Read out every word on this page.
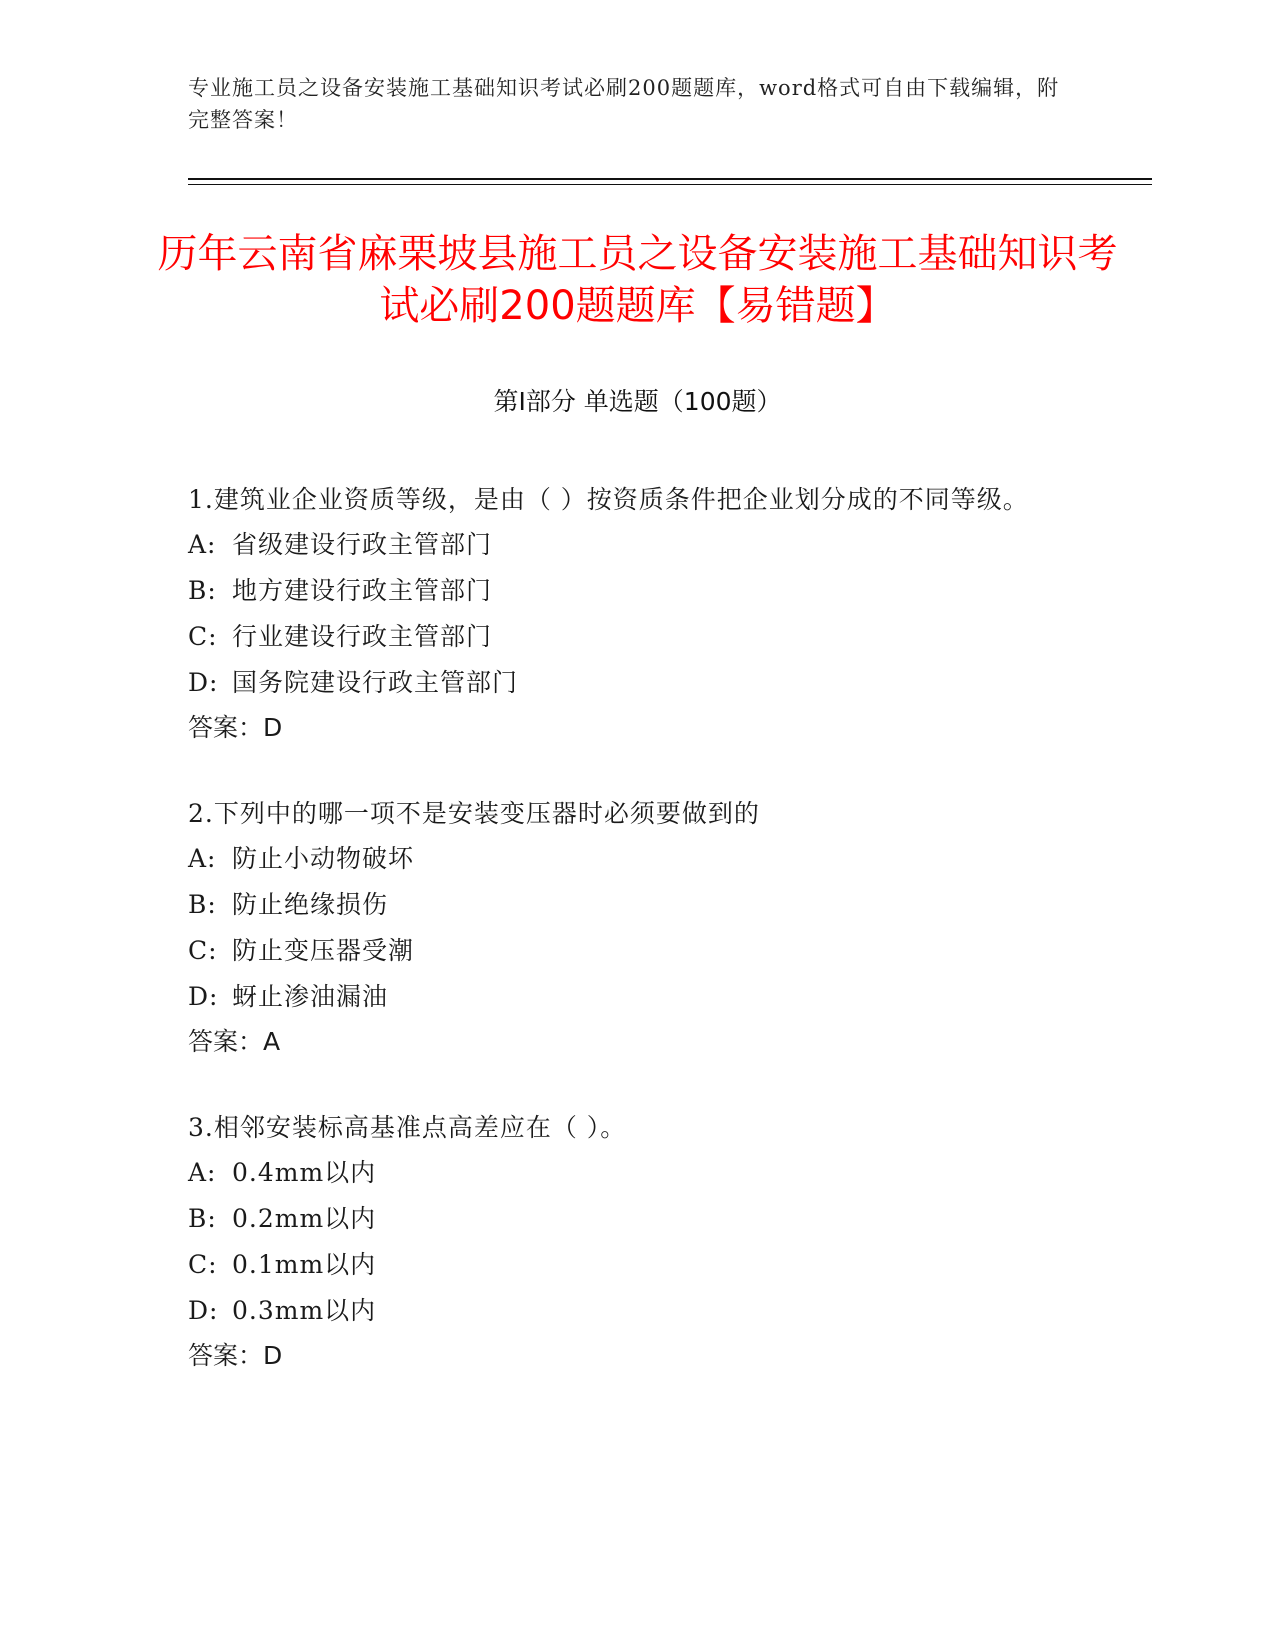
专业施工员之设备安装施工基础知识考试必刷200题题库，word格式可自由下载编辑，附完整答案！
历年云南省麻栗坡县施工员之设备安装施工基础知识考试必刷200题题库【易错题】
第Ⅰ部分 单选题（100题）

1.建筑业企业资质等级，是由（ ）按资质条件把企业划分成的不同等级。

A: 省级建设行政主管部门

B: 地方建设行政主管部门

C: 行业建设行政主管部门

D: 国务院建设行政主管部门

答案：D

2.下列中的哪一项不是安装变压器时必须要做到的

A: 防止小动物破坏

B: 防止绝缘损伤

C: 防止变压器受潮

D: 蚜止渗油漏油

答案：A

3.相邻安装标高基准点高差应在（ ）。

A: 0.4mm以内

B: 0.2mm以内

C: 0.1mm以内

D: 0.3mm以内

答案：D
